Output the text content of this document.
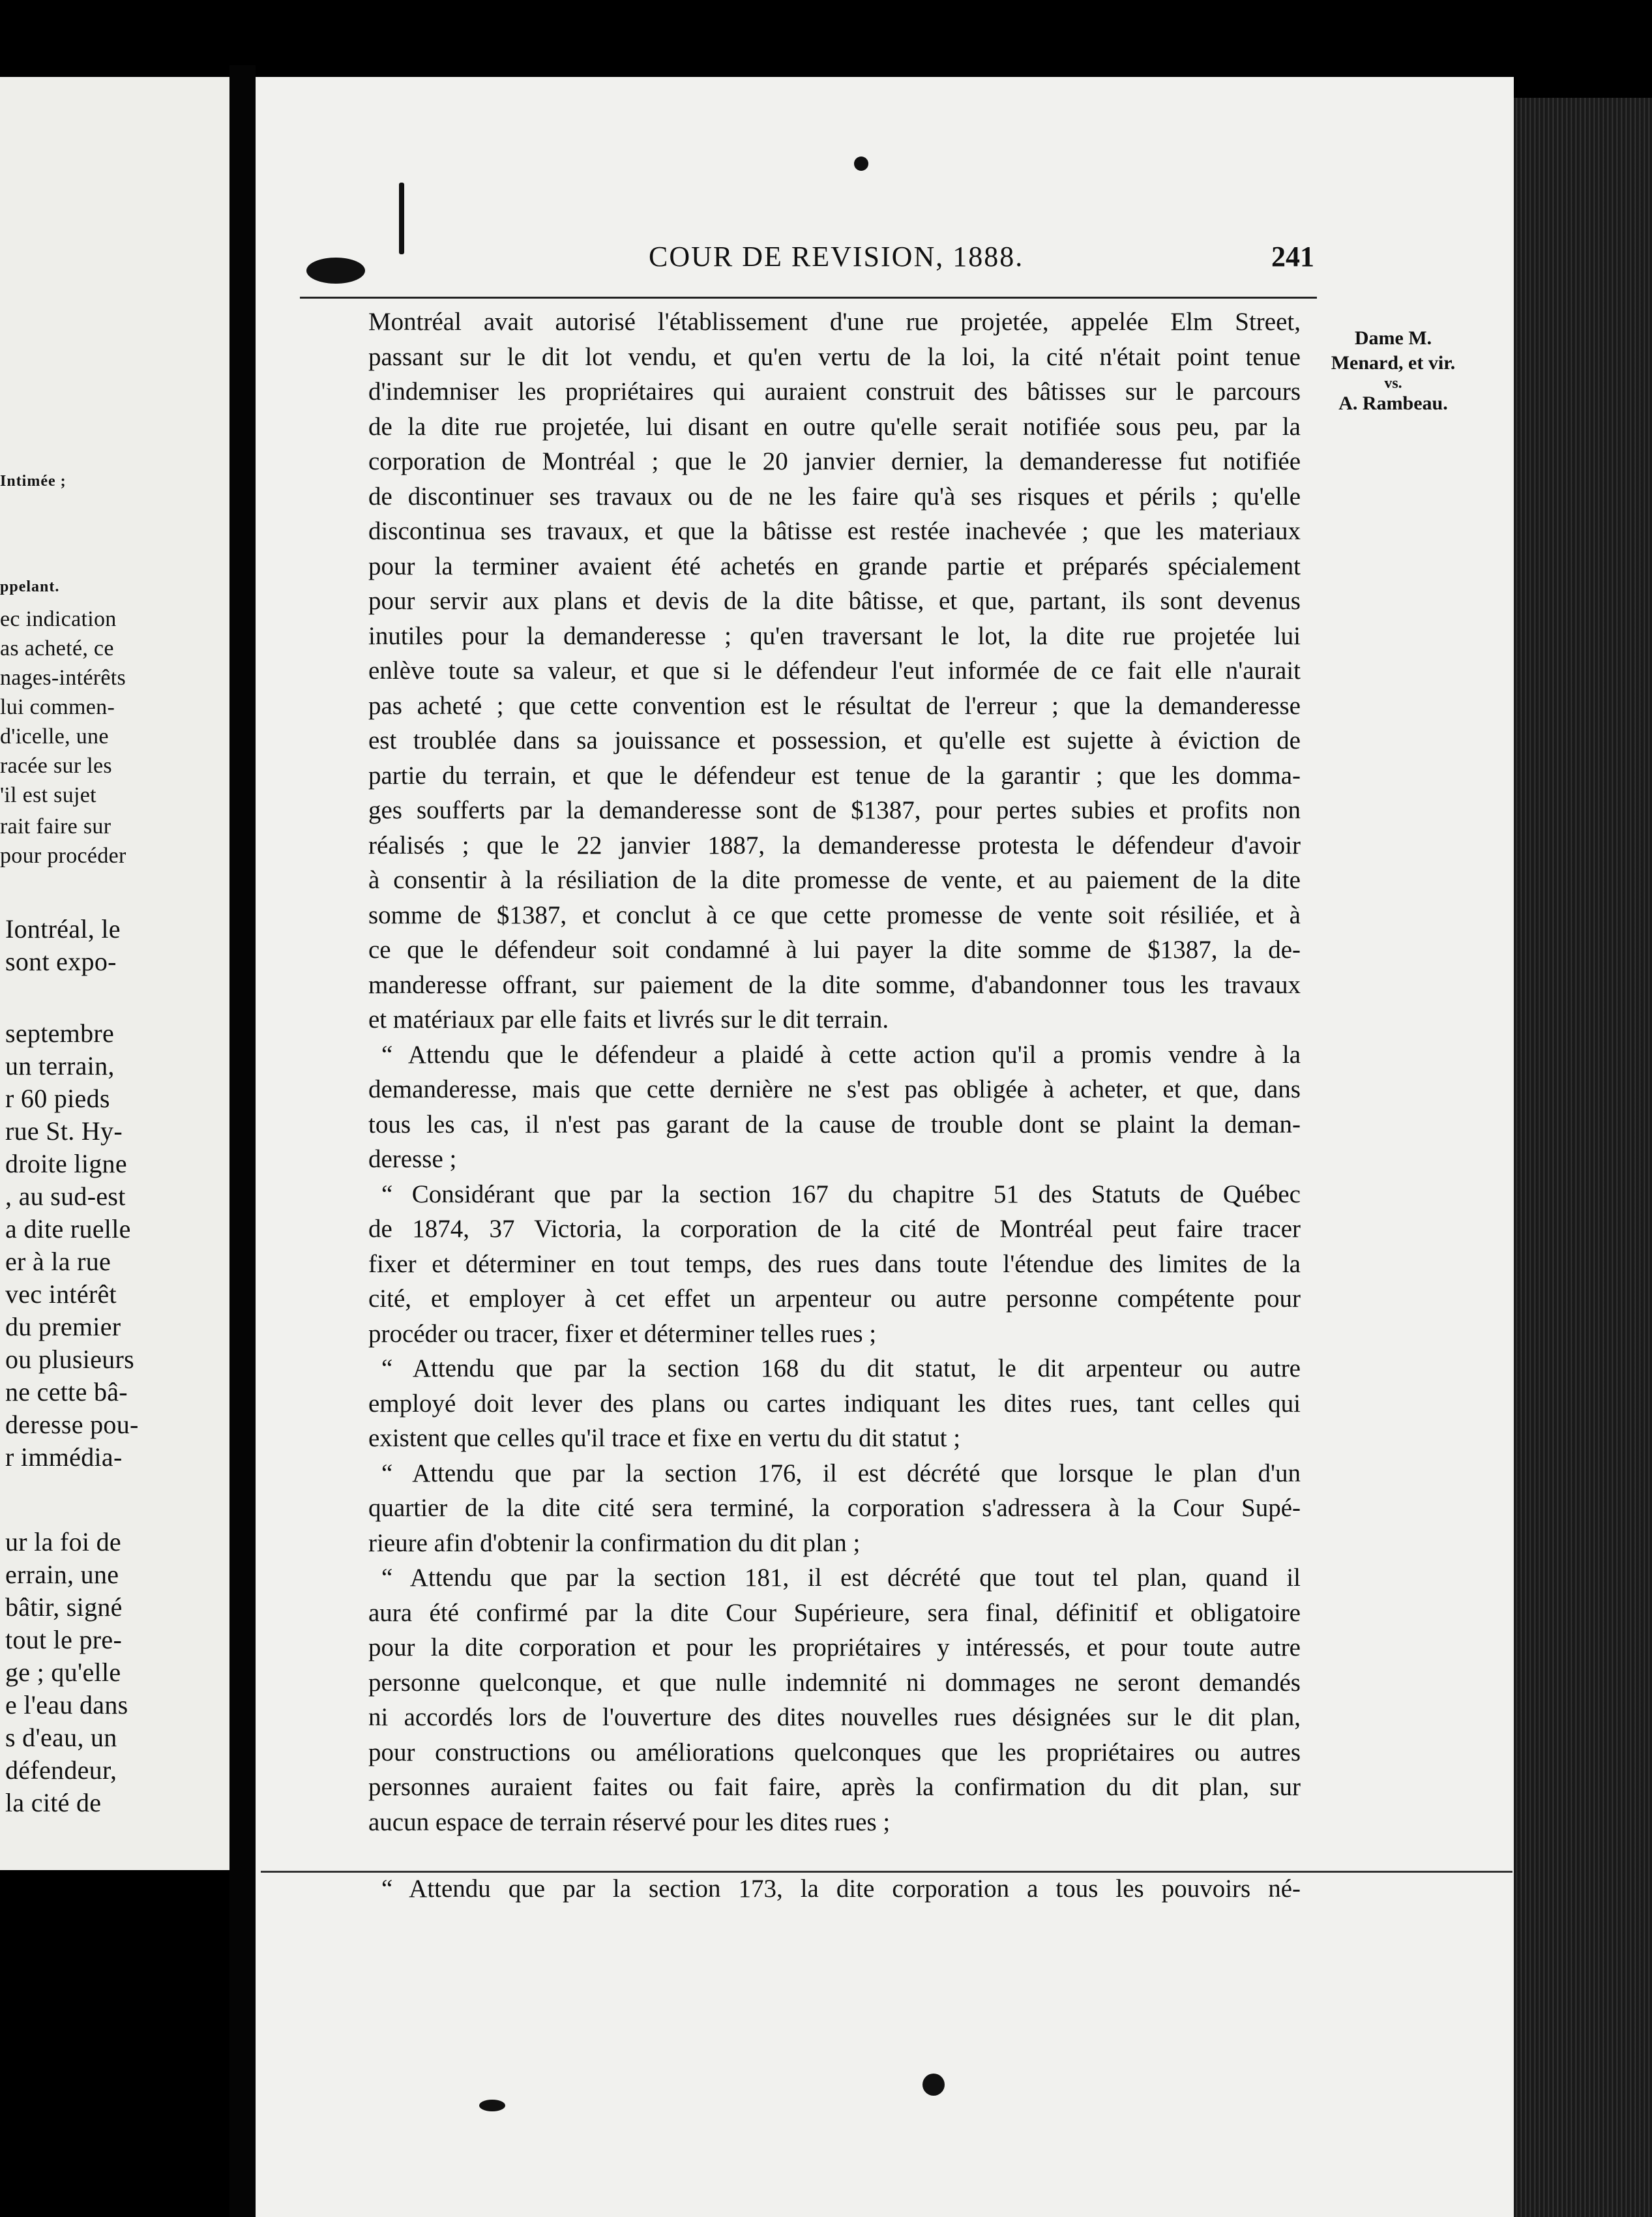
Intimée ;
ppelant.
ec indication
as acheté, ce
nages-intérêts
lui commen-
d'icelle, une
racée sur les
'il est sujet
rait faire sur
pour procéder
Iontréal, le
sont expo-
septembre
un terrain,
r 60 pieds
rue St. Hy-
droite ligne
, au sud-est
a dite ruelle
er à la rue
vec intérêt
du premier
ou plusieurs
ne cette bâ-
deresse pou-
r immédia-
ur la foi de
errain, une
bâtir, signé
tout le pre-
ge ; qu'elle
e l'eau dans
s d'eau, un
défendeur,
la cité de
COUR DE REVISION, 1888.	241
Dame M.
Menard, et vir.
vs.
A. Rambeau.
Montréal avait autorisé l'établissement d'une rue projetée, appelée Elm Street,
passant sur le dit lot vendu, et qu'en vertu de la loi, la cité n'était point tenue
d'indemniser les propriétaires qui auraient construit des bâtisses sur le parcours
de la dite rue projetée, lui disant en outre qu'elle serait notifiée sous peu, par la
corporation de Montréal ; que le 20 janvier dernier, la demanderesse fut notifiée
de discontinuer ses travaux ou de ne les faire qu'à ses risques et périls ; qu'elle
discontinua ses travaux, et que la bâtisse est restée inachevée ; que les materiaux
pour la terminer avaient été achetés en grande partie et préparés spécialement
pour servir aux plans et devis de la dite bâtisse, et que, partant, ils sont devenus
inutiles pour la demanderesse ; qu'en traversant le lot, la dite rue projetée lui
enlève toute sa valeur, et que si le défendeur l'eut informée de ce fait elle n'aurait
pas acheté ; que cette convention est le résultat de l'erreur ; que la demanderesse
est troublée dans sa jouissance et possession, et qu'elle est sujette à éviction de
partie du terrain, et que le défendeur est tenue de la garantir ; que les domma-
ges soufferts par la demanderesse sont de $1387, pour pertes subies et profits non
réalisés ; que le 22 janvier 1887, la demanderesse protesta le défendeur d'avoir
à consentir à la résiliation de la dite promesse de vente, et au paiement de la dite
somme de $1387, et conclut à ce que cette promesse de vente soit résiliée, et à
ce que le défendeur soit condamné à lui payer la dite somme de $1387, la de-
manderesse offrant, sur paiement de la dite somme, d'abandonner tous les travaux
et matériaux par elle faits et livrés sur le dit terrain.
“ Attendu que le défendeur a plaidé à cette action qu'il a promis vendre à la
demanderesse, mais que cette dernière ne s'est pas obligée à acheter, et que, dans
tous les cas, il n'est pas garant de la cause de trouble dont se plaint la deman-
deresse ;
“ Considérant que par la section 167 du chapitre 51 des Statuts de Québec
de 1874, 37 Victoria, la corporation de la cité de Montréal peut faire tracer
fixer et déterminer en tout temps, des rues dans toute l'étendue des limites de la
cité, et employer à cet effet un arpenteur ou autre personne compétente pour
procéder ou tracer, fixer et déterminer telles rues ;
“ Attendu que par la section 168 du dit statut, le dit arpenteur ou autre
employé doit lever des plans ou cartes indiquant les dites rues, tant celles qui
existent que celles qu'il trace et fixe en vertu du dit statut ;
“ Attendu que par la section 176, il est décrété que lorsque le plan d'un
quartier de la dite cité sera terminé, la corporation s'adressera à la Cour Supé-
rieure afin d'obtenir la confirmation du dit plan ;
“ Attendu que par la section 181, il est décrété que tout tel plan, quand il
aura été confirmé par la dite Cour Supérieure, sera final, définitif et obligatoire
pour la dite corporation et pour les propriétaires y intéressés, et pour toute autre
personne quelconque, et que nulle indemnité ni dommages ne seront demandés
ni accordés lors de l'ouverture des dites nouvelles rues désignées sur le dit plan,
pour constructions ou améliorations quelconques que les propriétaires ou autres
personnes auraient faites ou fait faire, après la confirmation du dit plan, sur
aucun espace de terrain réservé pour les dites rues ;
“ Attendu que par la section 173, la dite corporation a tous les pouvoirs né-
